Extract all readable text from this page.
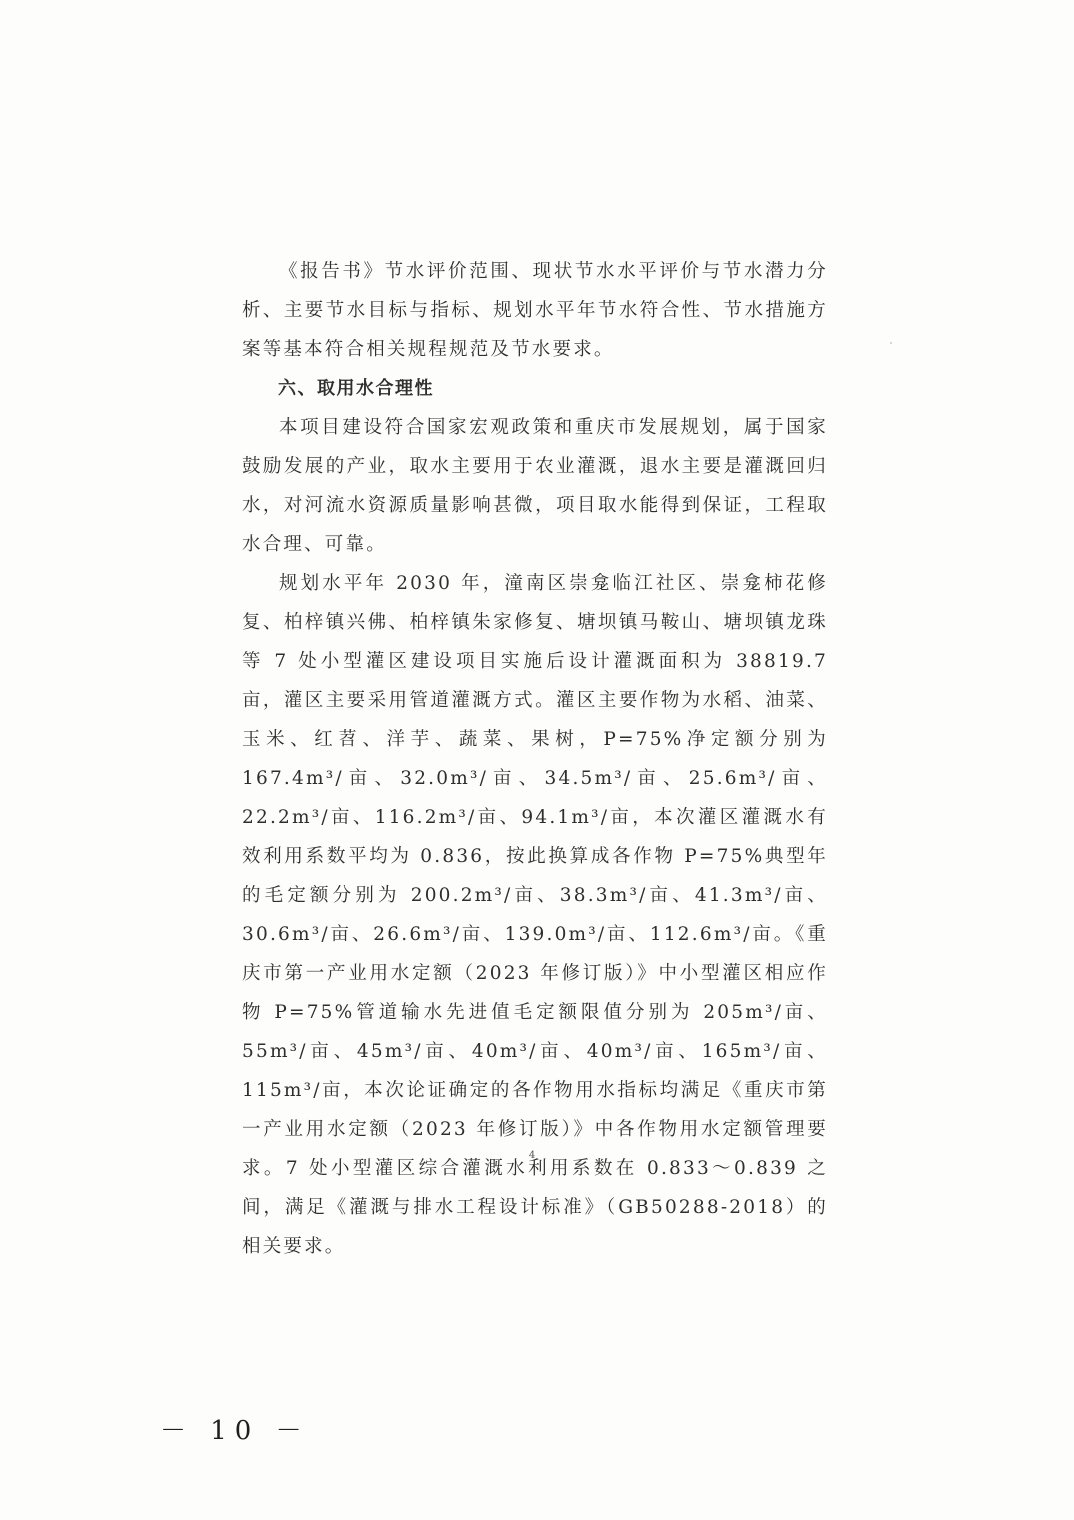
《报告书》节水评价范围、现状节水水平评价与节水潜力分析、主要节水目标与指标、规划水平年节水符合性、节水措施方案等基本符合相关规程规范及节水要求。

六、取用水合理性

本项目建设符合国家宏观政策和重庆市发展规划，属于国家鼓励发展的产业，取水主要用于农业灌溉，退水主要是灌溉回归水，对河流水资源质量影响甚微，项目取水能得到保证，工程取水合理、可靠。

规划水平年 2030 年，潼南区崇龛临江社区、崇龛柿花修复、柏梓镇兴佛、柏梓镇朱家修复、塘坝镇马鞍山、塘坝镇龙珠等 7 处小型灌区建设项目实施后设计灌溉面积为 38819.7 亩，灌区主要采用管道灌溉方式。灌区主要作物为水稻、油菜、玉米、红苕、洋芋、蔬菜、果树，P=75%净定额分别为 167.4m³/亩、32.0m³/亩、34.5m³/亩、25.6m³/亩、22.2m³/亩、116.2m³/亩、94.1m³/亩，本次灌区灌溉水有效利用系数平均为 0.836，按此换算成各作物 P=75%典型年的毛定额分别为 200.2m³/亩、38.3m³/亩、41.3m³/亩、30.6m³/亩、26.6m³/亩、139.0m³/亩、112.6m³/亩。《重庆市第一产业用水定额（2023 年修订版）》中小型灌区相应作物 P=75%管道输水先进值毛定额限值分别为 205m³/亩、55m³/亩、45m³/亩、40m³/亩、40m³/亩、165m³/亩、115m³/亩，本次论证确定的各作物用水指标均满足《重庆市第一产业用水定额（2023 年修订版）》中各作物用水定额管理要求。7 处小型灌区综合灌溉水利用系数在 0.833～0.839 之间，满足《灌溉与排水工程设计标准》（GB50288-2018）的相关要求。

4
－ 10 －
